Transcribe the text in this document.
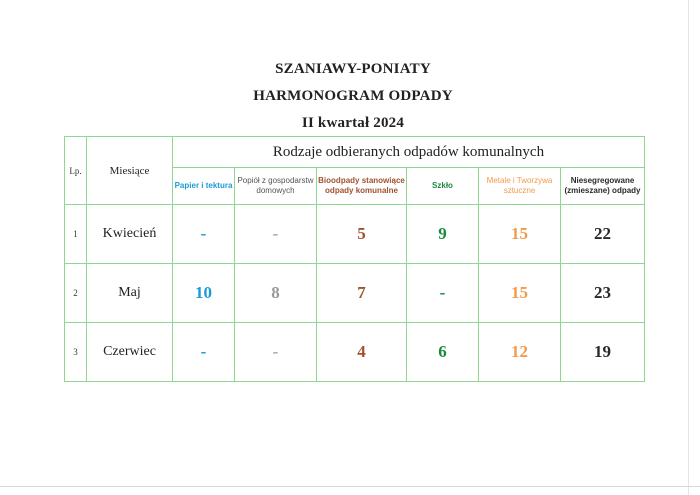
SZANIAWY-PONIATY
HARMONOGRAM ODPADY
II kwartał 2024
Lp.	Miesiące	Rodzaje odbieranych odpadów komunalnych					
		Papier i tektura	Popiół z gospodarstw domowych	Bioodpady stanowiące odpady komunalne	Szkło	Metale i Tworzywa sztuczne	Niesegregowane (zmieszane) odpady
1	Kwiecień	-	-	5	9	15	22
2	Maj	10	8	7	-	15	23
3	Czerwiec	-	-	4	6	12	19
